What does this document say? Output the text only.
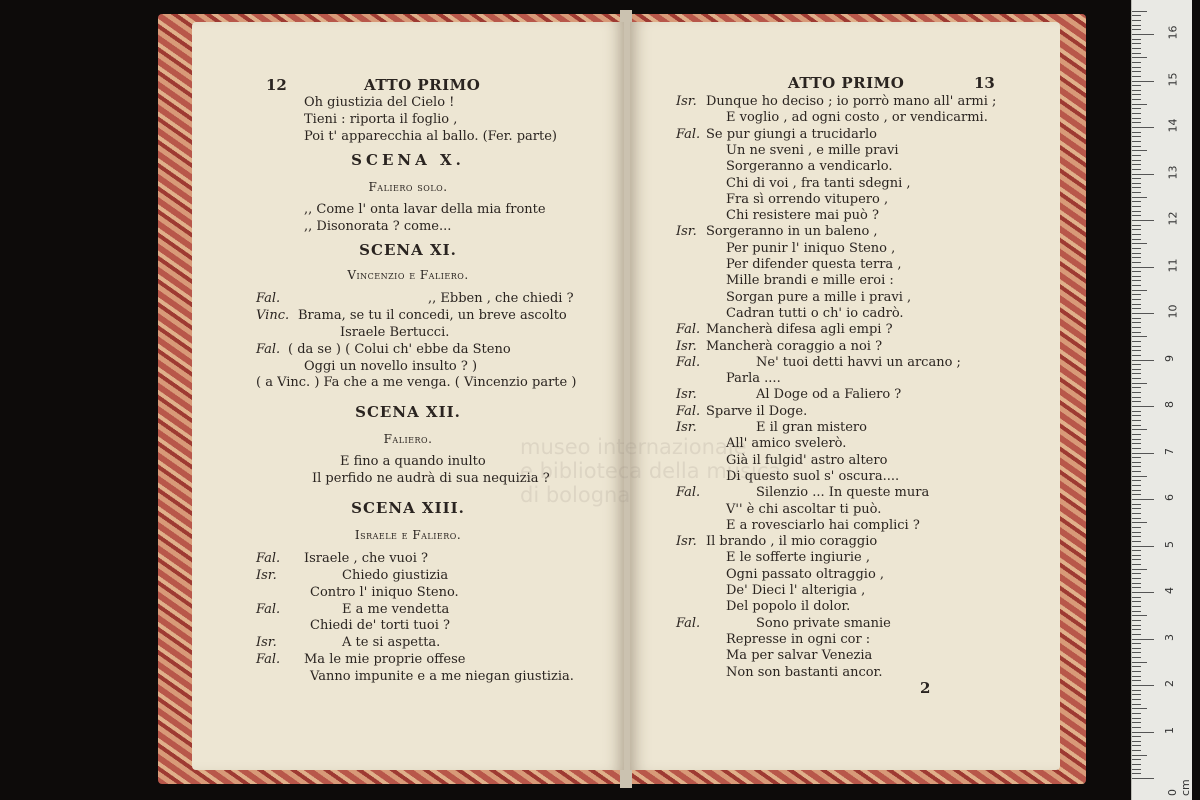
12	ATTO PRIMO
Oh giustizia del Cielo !
Tieni : riporta il foglio ,
Poi t' apparecchia al ballo. (Fer. parte)
SCENA X.
Faliero solo.
,, Come l' onta lavar della mia fronte
,, Disonorata ? come...
SCENA XI.
Vincenzio e Faliero.
Fal.	,, Ebben , che chiedi ?
Vinc. Brama, se tu il concedi, un breve ascolto
Israele Bertucci.
Fal. ( da se ) ( Colui ch' ebbe da Steno
Oggi un novello insulto ? )
( a Vinc. ) Fa che a me venga. ( Vincenzio parte )
SCENA XII.
Faliero.
E fino a quando inulto
Il perfido ne audrà di sua nequizia ?
SCENA XIII.
Israele e Faliero.
Fal. Israele , che vuoi ?
Isr.	Chiedo giustizia
Contro l' iniquo Steno.
Fal.	E a me vendetta
Chiedi de' torti tuoi ?
Isr.	A te si aspetta.
Fal. Ma le mie proprie offese
Vanno impunite e a me niegan giustizia.
ATTO PRIMO	13
Isr. Dunque ho deciso ; io porrò mano all' armi ;
E voglio , ad ogni costo , or vendicarmi.
Fal. Se pur giungi a trucidarlo
Un ne sveni , e mille pravi
Sorgeranno a vendicarlo.
Chi di voi , fra tanti sdegni ,
Fra sì orrendo vitupero ,
Chi resistere mai può ?
Isr. Sorgeranno in un baleno ,
Per punir l' iniquo Steno ,
Per difender questa terra ,
Mille brandi e mille eroi :
Sorgan pure a mille i pravi ,
Cadran tutti o ch' io cadrò.
Fal. Mancherà difesa agli empi ?
Isr. Mancherà coraggio a noi ?
Fal.	Ne' tuoi detti havvi un arcano ;
Parla ....
Isr.	Al Doge od a Faliero ?
Fal. Sparve il Doge.
Isr.	E il gran mistero
All' amico svelerò.
Già il fulgid' astro altero
Di questo suol s' oscura....
Fal.	Silenzio ... In queste mura
V'' è chi ascoltar ti può.
E a rovesciarlo hai complici ?
Isr. Il brando , il mio coraggio
E le sofferte ingiurie ,
Ogni passato oltraggio ,
De' Dieci l' alterigia ,
Del popolo il dolor.
Fal.	Sono private smanie
Represse in ogni cor :
Ma per salvar Venezia
Non son bastanti ancor.
2
museo internazionale
e biblioteca della musica
di bologna
0 cm
1
2
3
4
5
6
7
8
9
10
11
12
13
14
15
16
